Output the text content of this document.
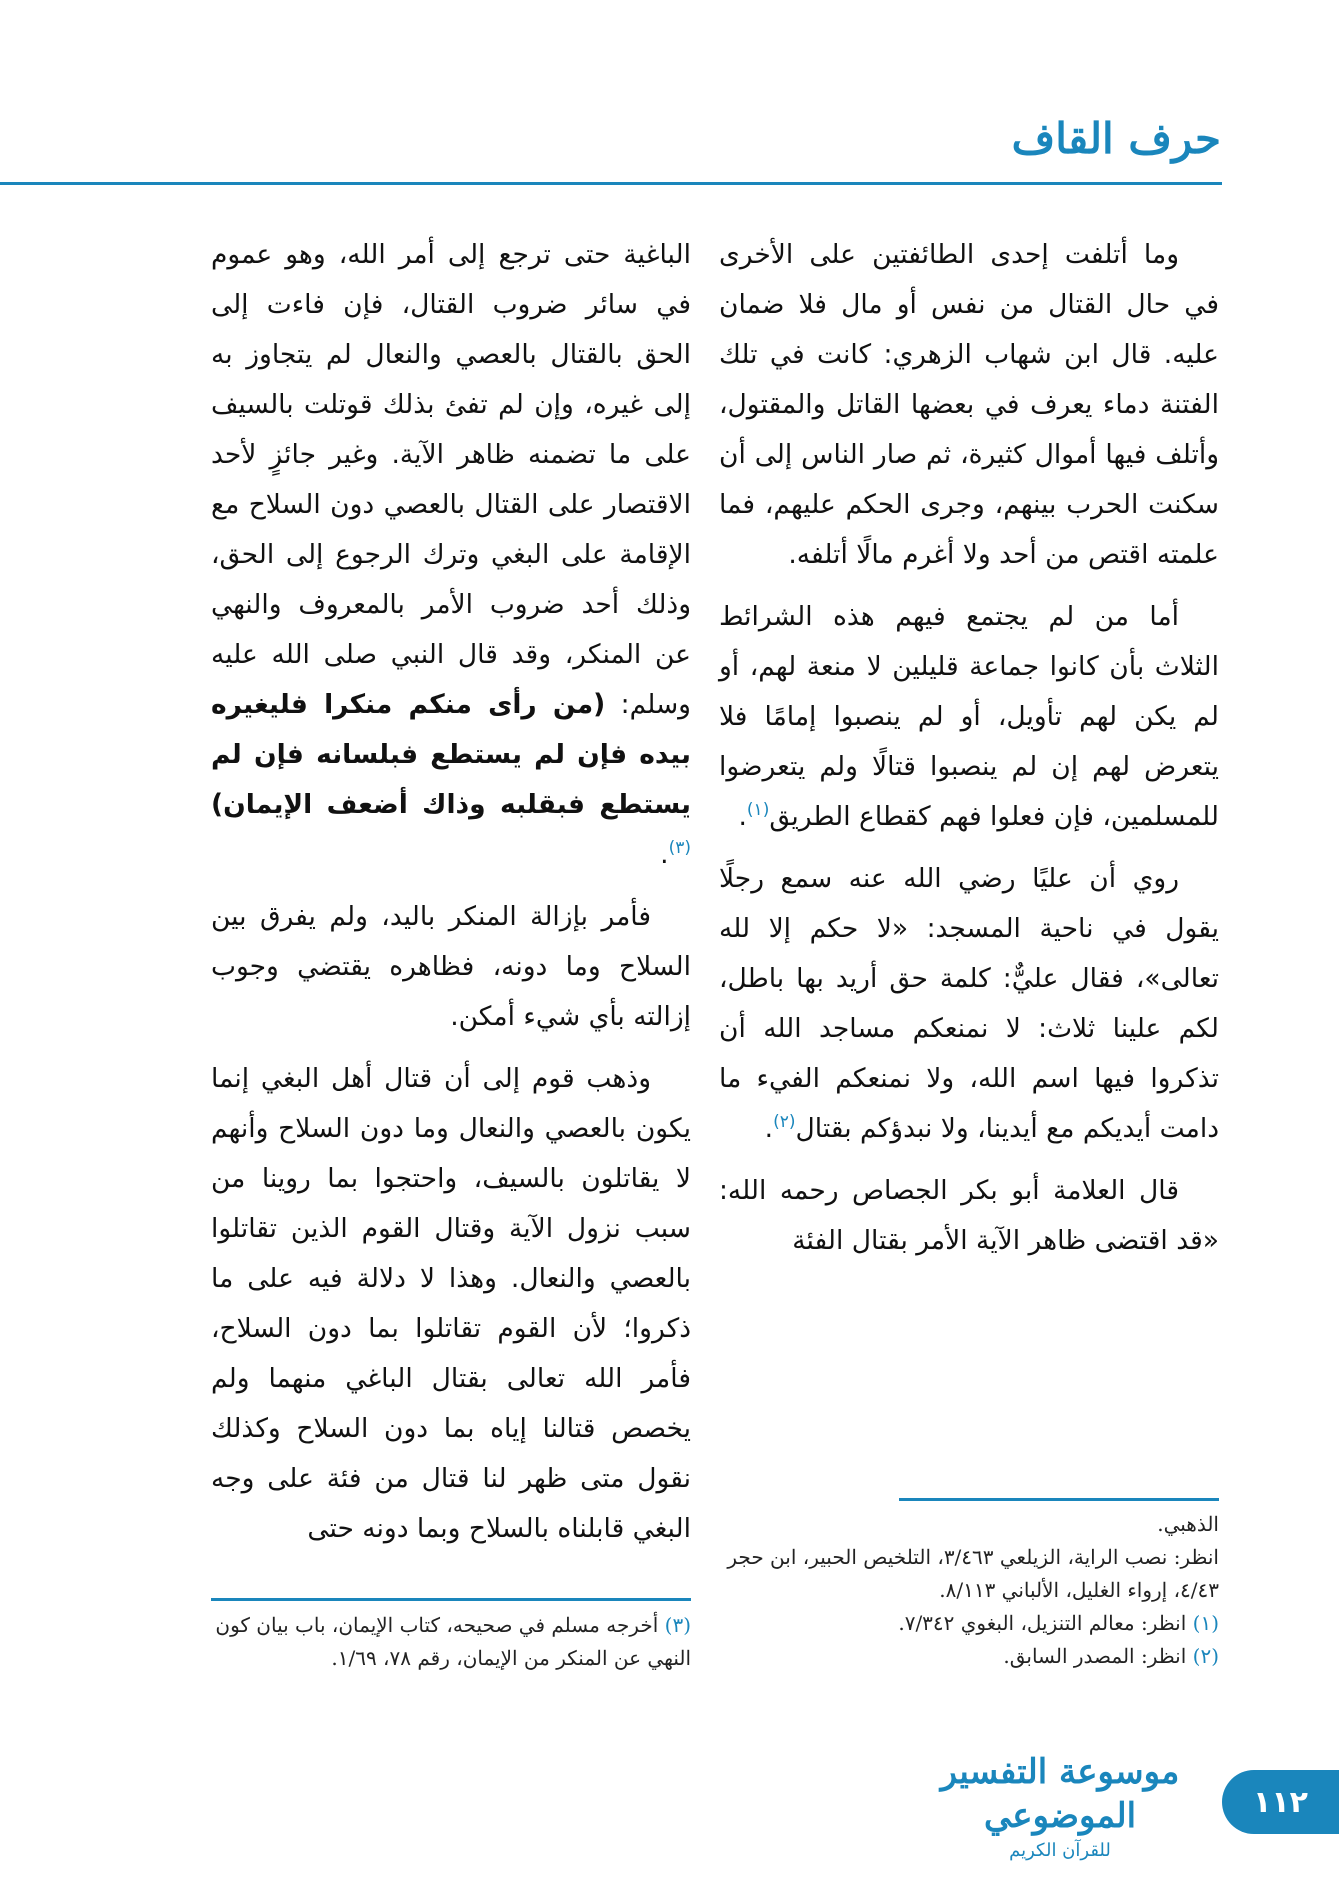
حرف القاف

وما أتلفت إحدى الطائفتين على الأخرى في حال القتال من نفس أو مال فلا ضمان عليه. قال ابن شهاب الزهري: كانت في تلك الفتنة دماء يعرف في بعضها القاتل والمقتول، وأتلف فيها أموال كثيرة، ثم صار الناس إلى أن سكنت الحرب بينهم، وجرى الحكم عليهم، فما علمته اقتص من أحد ولا أغرم مالًا أتلفه.

أما من لم يجتمع فيهم هذه الشرائط الثلاث بأن كانوا جماعة قليلين لا منعة لهم، أو لم يكن لهم تأويل، أو لم ينصبوا إمامًا فلا يتعرض لهم إن لم ينصبوا قتالًا ولم يتعرضوا للمسلمين، فإن فعلوا فهم كقطاع الطريق$^{(١)}$.

روي أن عليًا رضي الله عنه سمع رجلًا يقول في ناحية المسجد: «لا حكم إلا لله تعالى»، فقال عليٌّ: كلمة حق أريد بها باطل، لكم علينا ثلاث: لا نمنعكم مساجد الله أن تذكروا فيها اسم الله، ولا نمنعكم الفيء ما دامت أيديكم مع أيدينا، ولا نبدؤكم بقتال$^{(٢)}$.

قال العلامة أبو بكر الجصاص رحمه الله: «قد اقتضى ظاهر الآية الأمر بقتال الفئة

الباغية حتى ترجع إلى أمر الله، وهو عموم في سائر ضروب القتال، فإن فاءت إلى الحق بالقتال بالعصي والنعال لم يتجاوز به إلى غيره، وإن لم تفئ بذلك قوتلت بالسيف على ما تضمنه ظاهر الآية. وغير جائزٍ لأحد الاقتصار على القتال بالعصي دون السلاح مع الإقامة على البغي وترك الرجوع إلى الحق، وذلك أحد ضروب الأمر بالمعروف والنهي عن المنكر، وقد قال النبي صلى الله عليه وسلم: (من رأى منكم منكرا فليغيره بيده فإن لم يستطع فبلسانه فإن لم يستطع فبقلبه وذاك أضعف الإيمان)$^{(٣)}$.

فأمر بإزالة المنكر باليد، ولم يفرق بين السلاح وما دونه، فظاهره يقتضي وجوب إزالته بأي شيء أمكن.

وذهب قوم إلى أن قتال أهل البغي إنما يكون بالعصي والنعال وما دون السلاح وأنهم لا يقاتلون بالسيف، واحتجوا بما روينا من سبب نزول الآية وقتال القوم الذين تقاتلوا بالعصي والنعال. وهذا لا دلالة فيه على ما ذكروا؛ لأن القوم تقاتلوا بما دون السلاح، فأمر الله تعالى بقتال الباغي منهما ولم يخصص قتالنا إياه بما دون السلاح وكذلك نقول متى ظهر لنا قتال من فئة على وجه البغي قابلناه بالسلاح وبما دونه حتى	الذهبي.

انظر: نصب الراية، الزيلعي ٣/٤٦٣، التلخيص الحبير، ابن حجر ٤/٤٣، إرواء الغليل، الألباني ٨/١١٣.

(١) انظر: معالم التنزيل، البغوي ٧/٣٤٢.

(٢) انظر: المصدر السابق.

(٣) أخرجه مسلم في صحيحه، كتاب الإيمان، باب بيان كون النهي عن المنكر من الإيمان، رقم ٧٨، ١/٦٩.

موسوعة التفسير الموضوعي
للقرآن الكريم
١١٢
